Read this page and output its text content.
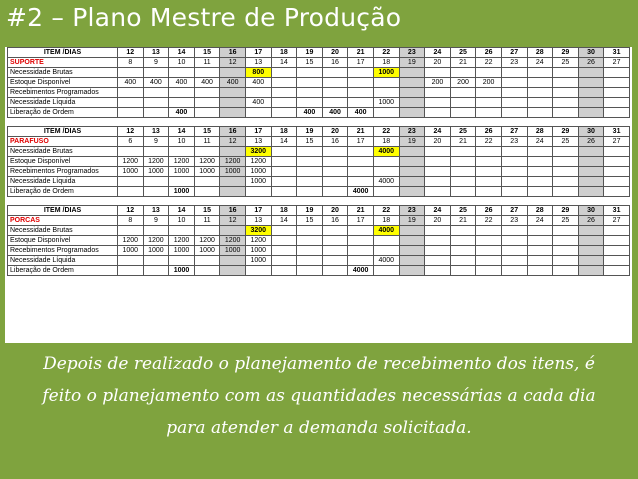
#2 – Plano Mestre de Produção
ITEM /DIAS	12	13	14	15	16	17	18	19	20	21	22	23	24	25	26	27	28	29	30	31
SUPORTE	8	9	10	11	12	13	14	15	16	17	18	19	20	21	22	23	24	25	26	27
Necessidade Brutas						800					1000									
Estoque Disponível	400	400	400	400	400	400							200	200	200					
Recebimentos Programados																				
Necessidade Líquida						400					1000									
Liberação de Ordem			400					400	400	400										

ITEM /DIAS	12	13	14	15	16	17	18	19	20	21	22	23	24	25	26	27	28	29	30	31
PARAFUSO	6	9	10	11	12	13	14	15	16	17	18	19	20	21	22	23	24	25	26	27
Necessidade Brutas						3200					4000									
Estoque Disponível	1200	1200	1200	1200	1200	1200														
Recebimentos Programados	1000	1000	1000	1000	1000	1000														
Necessidade Líquida						1000					4000									
Liberação de Ordem			1000							4000										

ITEM /DIAS	12	13	14	15	16	17	18	19	20	21	22	23	24	25	26	27	28	29	30	31
PORCAS	8	9	10	11	12	13	14	15	16	17	18	19	20	21	22	23	24	25	26	27
Necessidade Brutas						3200					4000									
Estoque Disponível	1200	1200	1200	1200	1200	1200														
Recebimentos Programados	1000	1000	1000	1000	1000	1000														
Necessidade Líquida						1000					4000									
Liberação de Ordem			1000							4000										

Depois de realizado o planejamento de recebimento dos itens, é

feito o planejamento com as quantidades necessárias a cada dia

para atender a demanda solicitada.
